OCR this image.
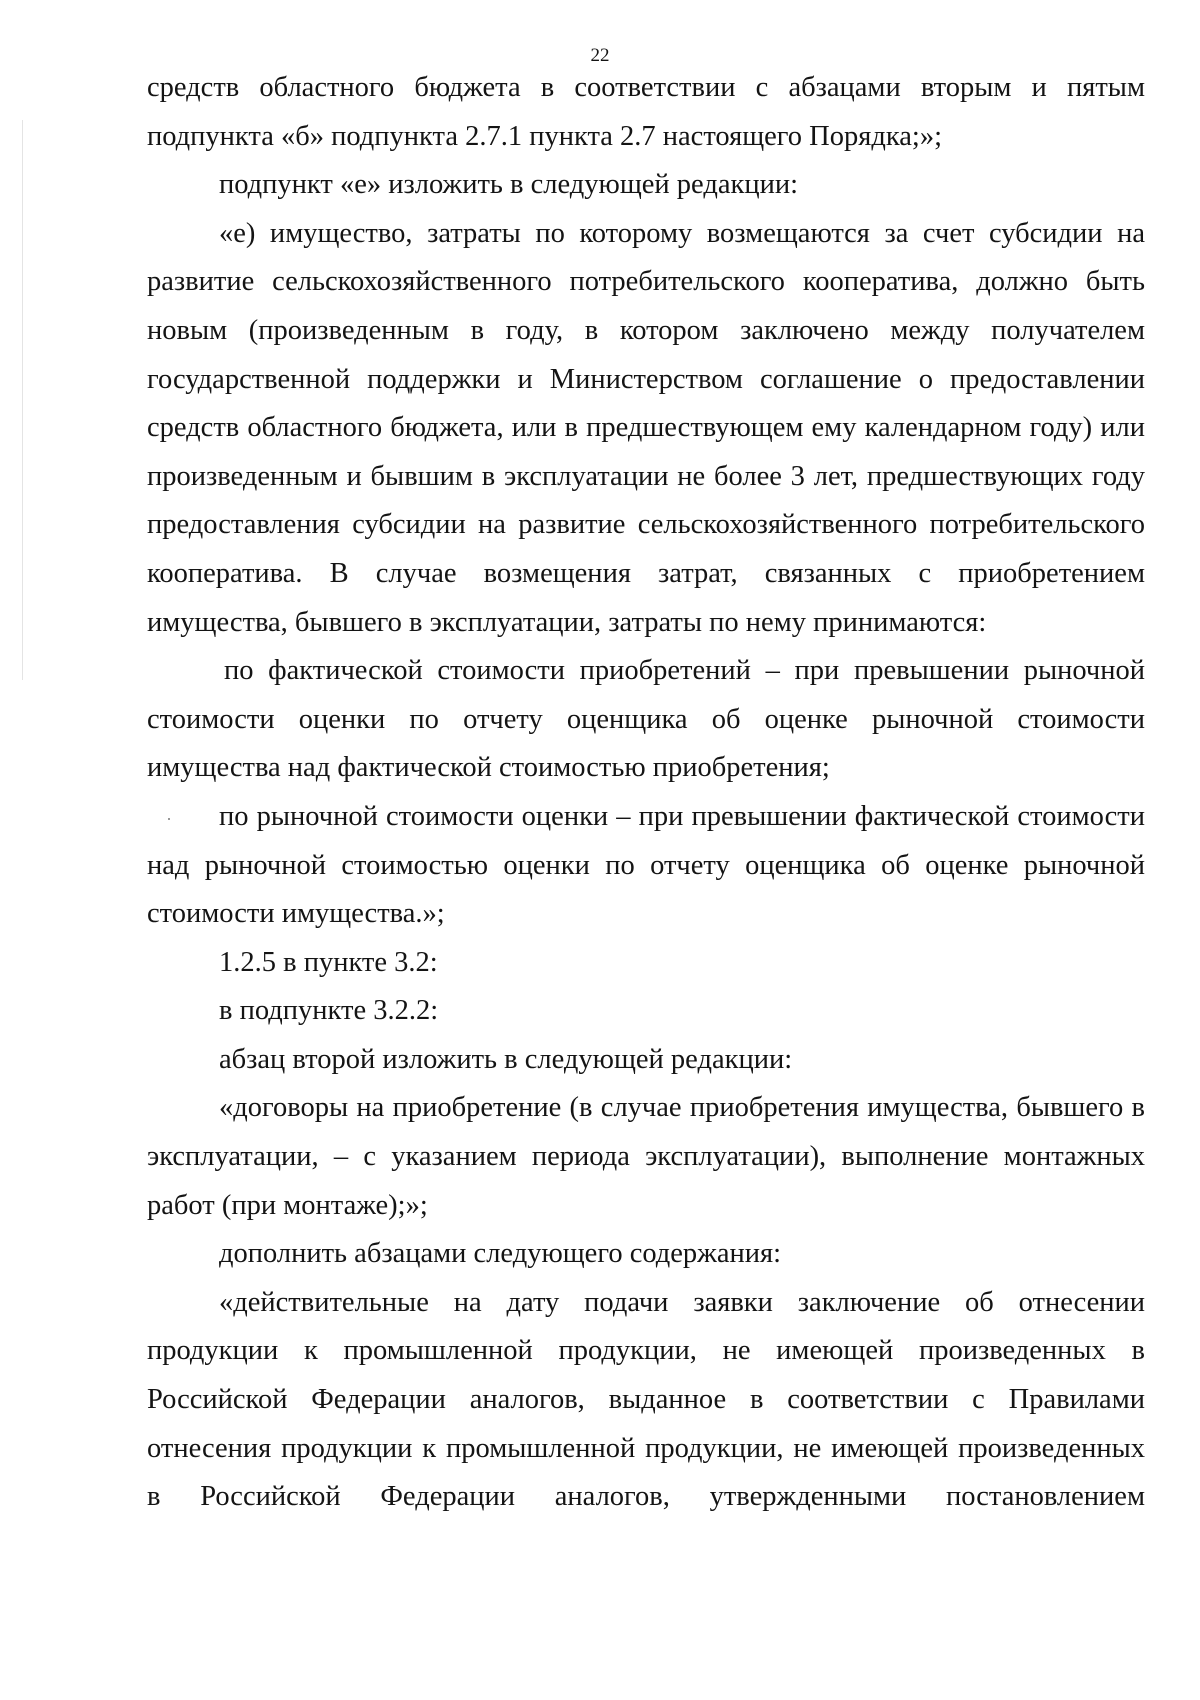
22

средств областного бюджета в соответствии с абзацами вторым и пятым подпункта «б» подпункта 2.7.1 пункта 2.7 настоящего Порядка;»;

подпункт «е» изложить в следующей редакции:

«е) имущество, затраты по которому возмещаются за счет субсидии на развитие сельскохозяйственного потребительского кооператива, должно быть новым (произведенным в году, в котором заключено между получателем государственной поддержки и Министерством соглашение о предоставлении средств областного бюджета, или в предшествующем ему календарном году) или произведенным и бывшим в эксплуатации не более 3 лет, предшествующих году предоставления субсидии на развитие сельскохозяйственного потребительского кооператива. В случае возмещения затрат, связанных с приобретением имущества, бывшего в эксплуатации, затраты по нему принимаются:

по фактической стоимости приобретений – при превышении рыночной стоимости оценки по отчету оценщика об оценке рыночной стоимости имущества над фактической стоимостью приобретения;

по рыночной стоимости оценки – при превышении фактической стоимости над рыночной стоимостью оценки по отчету оценщика об оценке рыночной стоимости имущества.»;

1.2.5 в пункте 3.2:

в подпункте 3.2.2:

абзац второй изложить в следующей редакции:

«договоры на приобретение (в случае приобретения имущества, бывшего в эксплуатации, – с указанием периода эксплуатации), выполнение монтажных работ (при монтаже);»;

дополнить абзацами следующего содержания:

«действительные на дату подачи заявки заключение об отнесении продукции к промышленной продукции, не имеющей произведенных в Российской Федерации аналогов, выданное в соответствии с Правилами отнесения продукции к промышленной продукции, не имеющей произведенных в Российской Федерации аналогов, утвержденными постановлением
